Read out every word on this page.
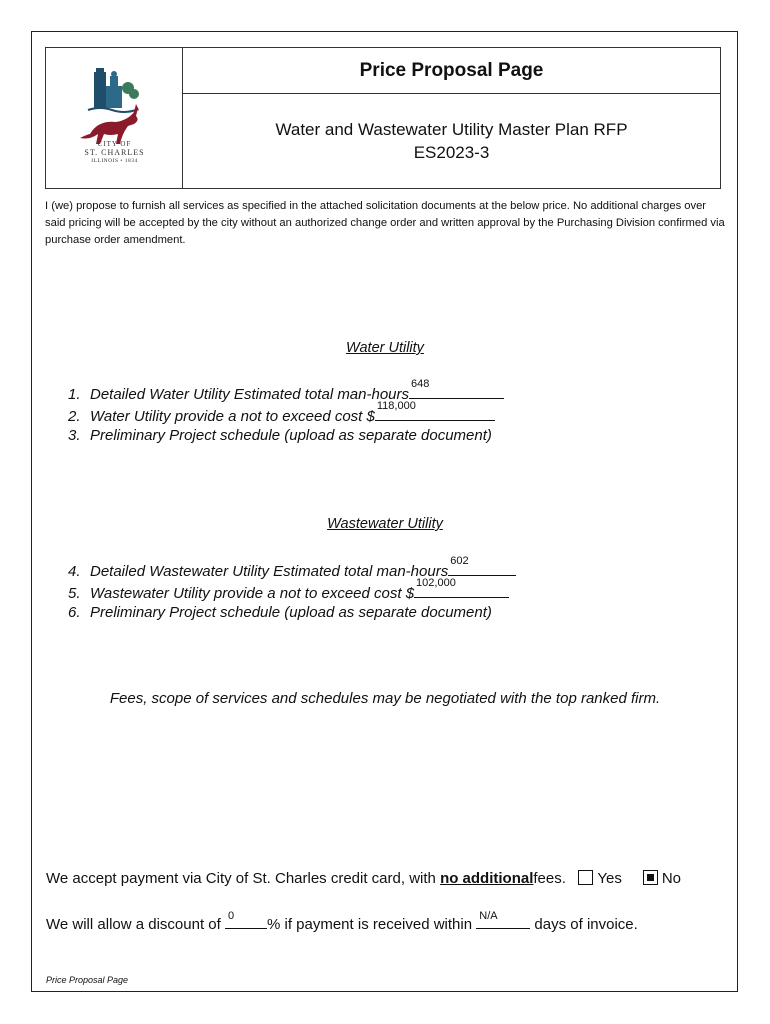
CITY OF
ST. CHARLES
ILLINOIS • 1834
Price Proposal Page
Water and Wastewater Utility Master Plan RFP
ES2023-3
I (we) propose to furnish all services as specified in the attached solicitation documents at the below price. No additional charges over said pricing will be accepted by the city without an authorized change order and written approval by the Purchasing Division confirmed via purchase order amendment.
Water Utility
1. Detailed Water Utility Estimated total man-hours
648
2. Water Utility provide a not to exceed cost $
118,000
3. Preliminary Project schedule (upload as separate document)
Wastewater Utility
4. Detailed Wastewater Utility Estimated total man-hours
602
5. Wastewater Utility provide a not to exceed cost $
102,000
6. Preliminary Project schedule (upload as separate document)
Fees, scope of services and schedules may be negotiated with the top ranked firm.
We accept payment via City of St. Charles credit card, with no additionalfees. Yes	No
We will allow a discount of 0 % if payment is received within N/A days of invoice.
Price Proposal Page
